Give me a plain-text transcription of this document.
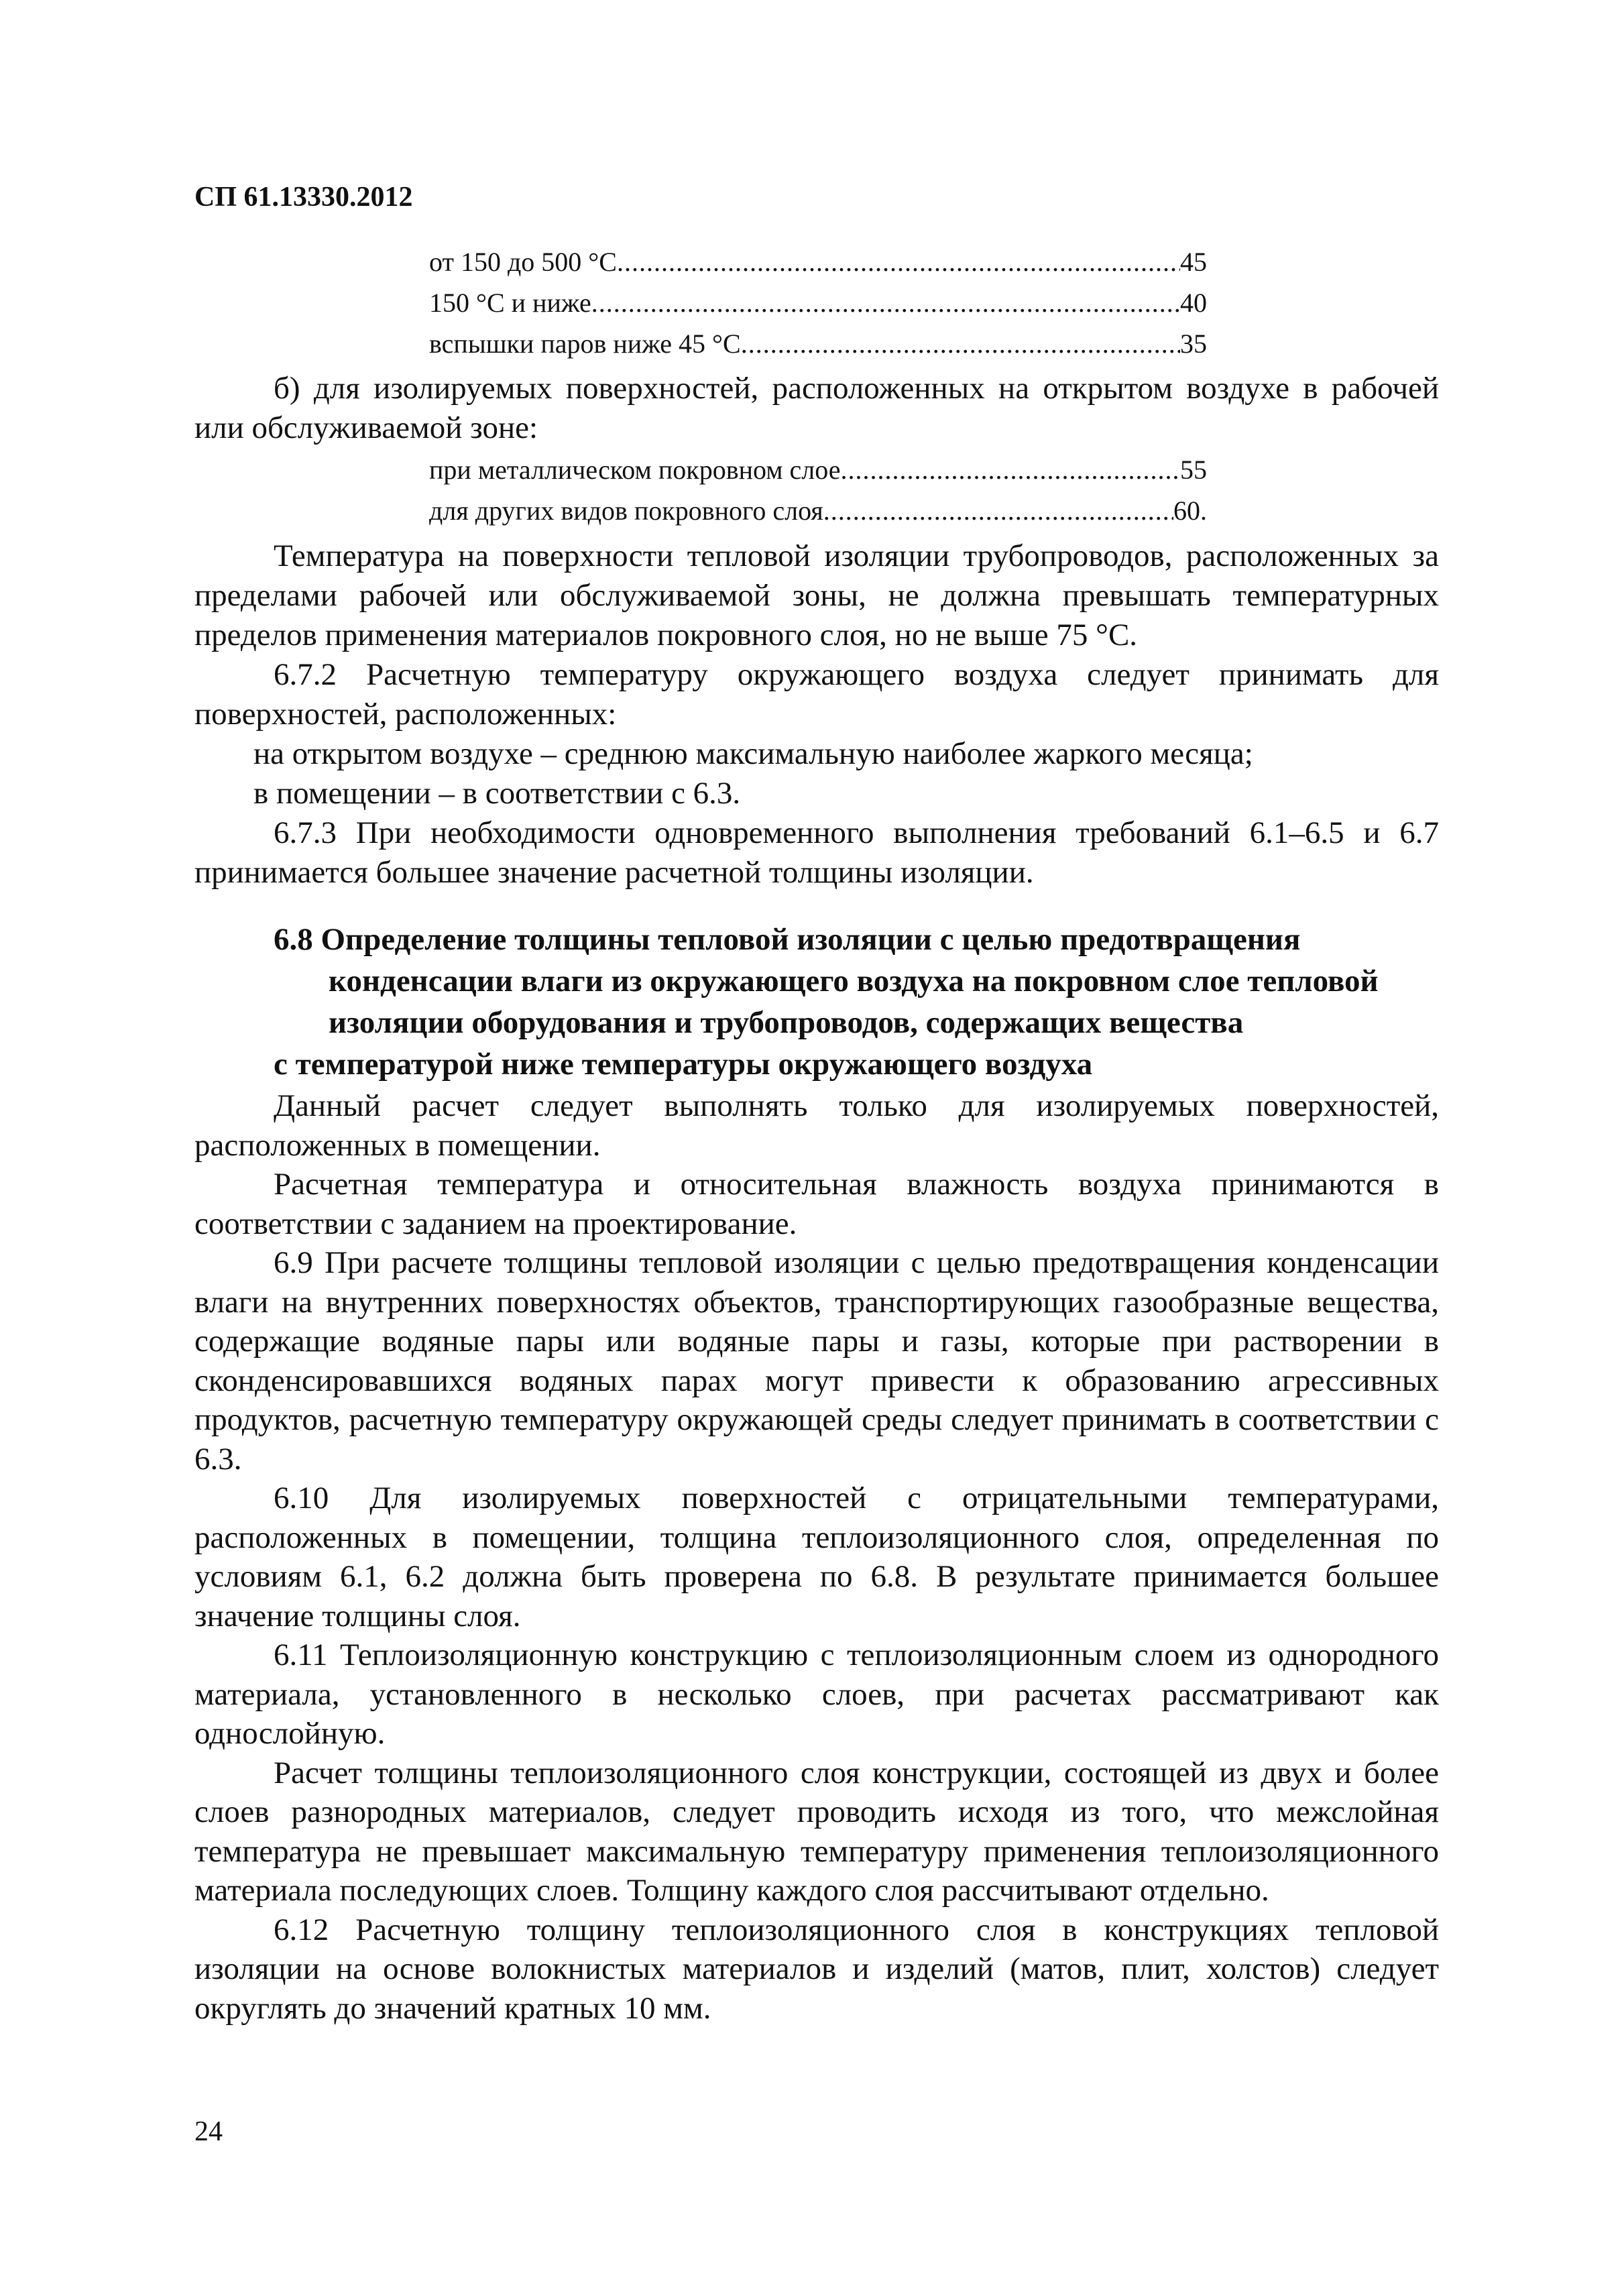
СП 61.13330.2012
от 150 до 500 °С .....	45
150 °С и ниже .....	40
вспышки паров ниже 45 °С .....	35

б) для изолируемых поверхностей, расположенных на открытом воздухе в рабочей или обслуживаемой зоне:

при металлическом покровном слое .....	55
для других видов покровного слоя .....	60.

Температура на поверхности тепловой изоляции трубопроводов, расположенных за пределами рабочей или обслуживаемой зоны, не должна превышать температурных пределов применения материалов покровного слоя, но не выше 75 °С.

6.7.2 Расчетную температуру окружающего воздуха следует принимать для поверхностей, расположенных:

на открытом воздухе – среднюю максимальную наиболее жаркого месяца;

в помещении – в соответствии с 6.3.

6.7.3 При необходимости одновременного выполнения требований 6.1–6.5 и 6.7 принимается большее значение расчетной толщины изоляции.

6.8 Определение толщины тепловой изоляции с целью предотвращения
конденсации влаги из окружающего воздуха на покровном слое тепловой
изоляции оборудования и трубопроводов, содержащих вещества
с температурой ниже температуры окружающего воздуха

Данный расчет следует выполнять только для изолируемых поверхностей, расположенных в помещении.

Расчетная температура и относительная влажность воздуха принимаются в соответствии с заданием на проектирование.

6.9 При расчете толщины тепловой изоляции с целью предотвращения конденсации влаги на внутренних поверхностях объектов, транспортирующих газообразные вещества, содержащие водяные пары или водяные пары и газы, которые при растворении в сконденсировавшихся водяных парах могут привести к образованию агрессивных продуктов, расчетную температуру окружающей среды следует принимать в соответствии с 6.3.

6.10 Для изолируемых поверхностей с отрицательными температурами, расположенных в помещении, толщина теплоизоляционного слоя, определенная по условиям 6.1, 6.2 должна быть проверена по 6.8. В результате принимается большее значение толщины слоя.

6.11 Теплоизоляционную конструкцию с теплоизоляционным слоем из однородного материала, установленного в несколько слоев, при расчетах рассматривают как однослойную.

Расчет толщины теплоизоляционного слоя конструкции, состоящей из двух и более слоев разнородных материалов, следует проводить исходя из того, что межслойная температура не превышает максимальную температуру применения теплоизоляционного материала последующих слоев. Толщину каждого слоя рассчитывают отдельно.

6.12 Расчетную толщину теплоизоляционного слоя в конструкциях тепловой изоляции на основе волокнистых материалов и изделий (матов, плит, холстов) следует округлять до значений кратных 10 мм.

24
